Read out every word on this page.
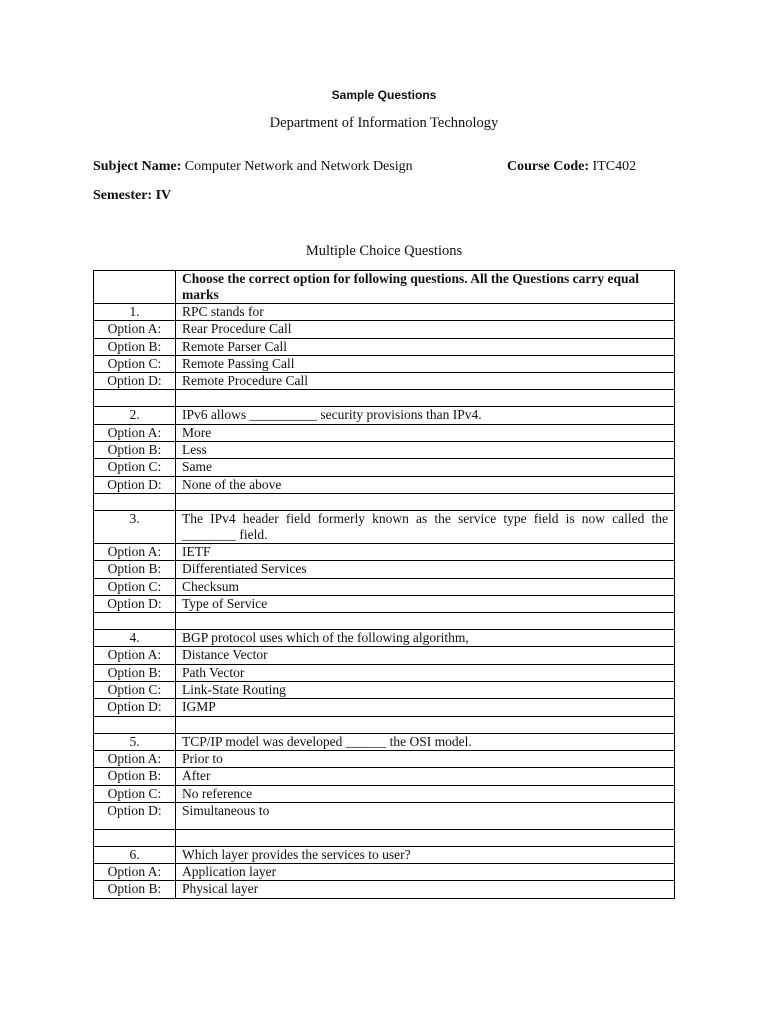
Sample Questions
Department of Information Technology
Subject Name: Computer Network and Network Design	Course Code: ITC402
Semester: IV
Multiple Choice Questions
	Choose the correct option for following questions. All the Questions carry equal marks
1.	RPC stands for
Option A:	Rear Procedure Call
Option B:	Remote Parser Call
Option C:	Remote Passing Call
Option D:	Remote Procedure Call

2.	IPv6 allows __________ security provisions than IPv4.
Option A:	More
Option B:	Less
Option C:	Same
Option D:	None of the above

3.	The IPv4 header field formerly known as the service type field is now called the ________ field.
Option A:	IETF
Option B:	Differentiated Services
Option C:	Checksum
Option D:	Type of Service

4.	BGP protocol uses which of the following algorithm,
Option A:	Distance Vector
Option B:	Path Vector
Option C:	Link-State Routing
Option D:	IGMP

5.	TCP/IP model was developed ______ the OSI model.
Option A:	Prior to
Option B:	After
Option C:	No reference
Option D:	Simultaneous to

6.	Which layer provides the services to user?
Option A:	Application layer
Option B:	Physical layer
